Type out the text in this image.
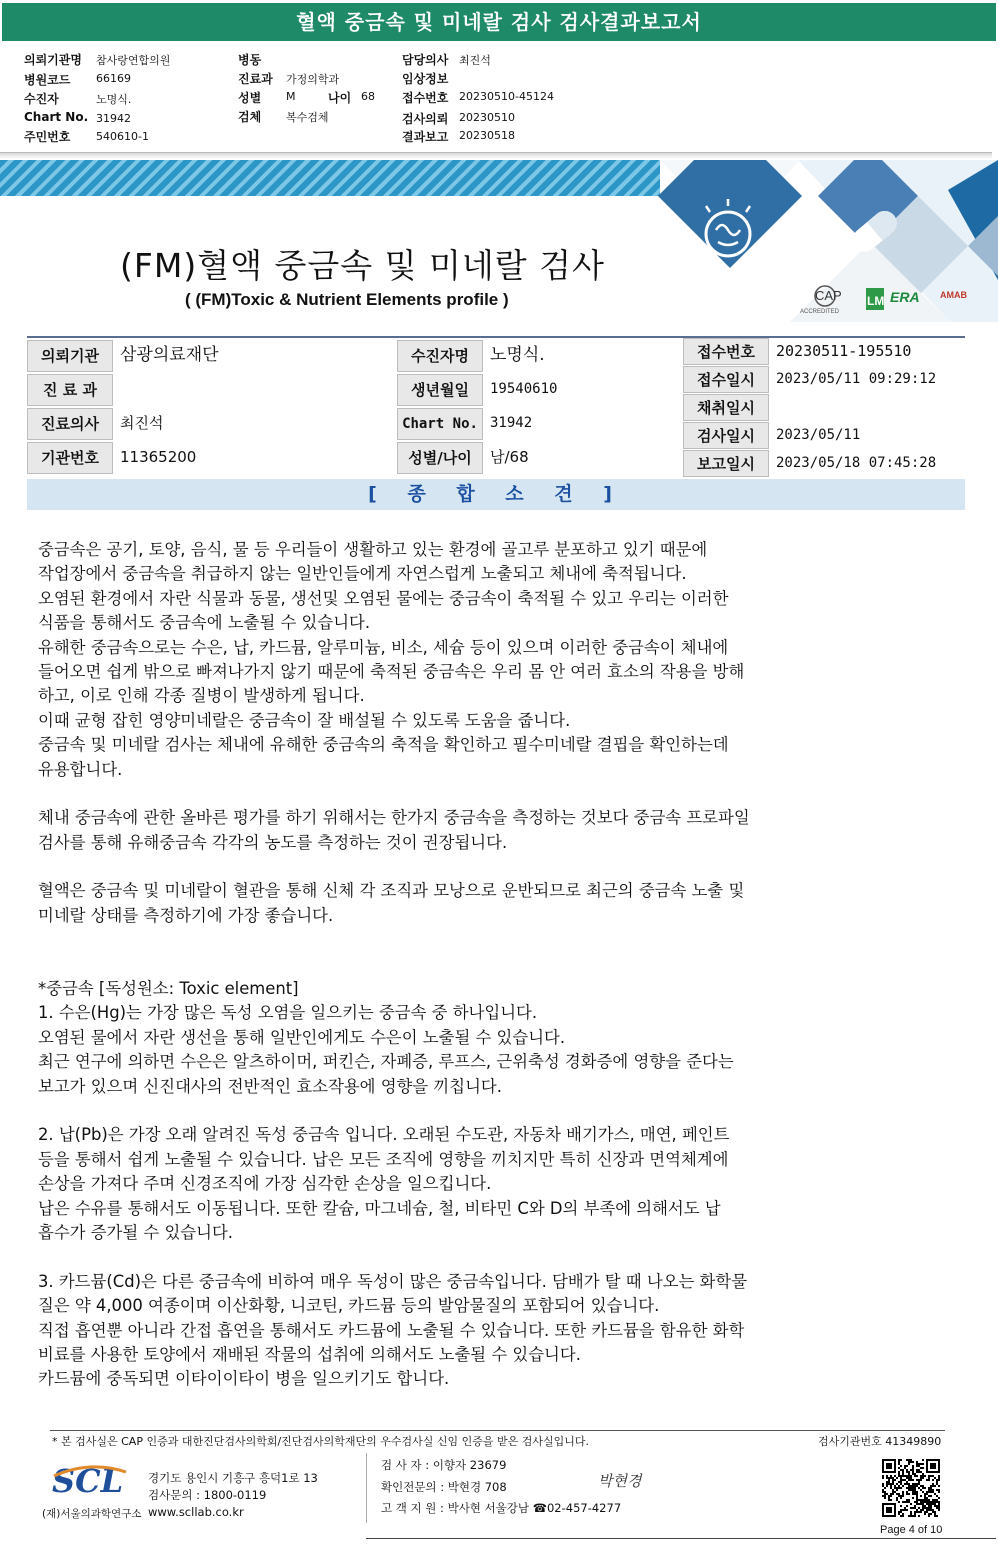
혈액 중금속 및 미네랄 검사 검사결과보고서
의뢰기관명 참사랑연합의원
병원코드 66169
수진자	노명식.
Chart No. 31942
주민번호 540610-1
병동
진료과 가정의학과
성별 M	나이 68
검체 복수검체
담당의사 최진석
임상정보
접수번호 20230510-45124
검사의뢰 20230510
결과보고 20230518
CAP
ACCREDITED
LM ERA AMAB
(FM)혈액 중금속 및 미네랄 검사
( (FM)Toxic & Nutrient Elements profile )
의뢰기관	삼광의료재단
진 료 과
진료의사	최진석
기관번호	11365200
수진자명	노명식.
생년월일	19540610
Chart No. 31942
성별/나이	남/68
접수번호	20230511-195510
접수일시	2023/05/11 09:29:12
채취일시
검사일시	2023/05/11
보고일시	2023/05/18 07:45:28
[ 종 합 소 견 ]
중금속은 공기, 토양, 음식, 물 등 우리들이 생활하고 있는 환경에 골고루 분포하고 있기 때문에
작업장에서 중금속을 취급하지 않는 일반인들에게 자연스럽게 노출되고 체내에 축적됩니다.
오염된 환경에서 자란 식물과 동물, 생선및 오염된 물에는 중금속이 축적될 수 있고 우리는 이러한
식품을 통해서도 중금속에 노출될 수 있습니다.
유해한 중금속으로는 수은, 납, 카드뮴, 알루미늄, 비소, 세슘 등이 있으며 이러한 중금속이 체내에
들어오면 쉽게 밖으로 빠져나가지 않기 때문에 축적된 중금속은 우리 몸 안 여러 효소의 작용을 방해
하고, 이로 인해 각종 질병이 발생하게 됩니다.
이때 균형 잡힌 영양미네랄은 중금속이 잘 배설될 수 있도록 도움을 줍니다.
중금속 및 미네랄 검사는 체내에 유해한 중금속의 축적을 확인하고 필수미네랄 결핍을 확인하는데
유용합니다.
체내 중금속에 관한 올바른 평가를 하기 위해서는 한가지 중금속을 측정하는 것보다 중금속 프로파일
검사를 통해 유해중금속 각각의 농도를 측정하는 것이 권장됩니다.
혈액은 중금속 및 미네랄이 혈관을 통해 신체 각 조직과 모낭으로 운반되므로 최근의 중금속 노출 및
미네랄 상태를 측정하기에 가장 좋습니다.
*중금속 [독성원소: Toxic element]
1. 수은(Hg)는 가장 많은 독성 오염을 일으키는 중금속 중 하나입니다.
오염된 물에서 자란 생선을 통해 일반인에게도 수은이 노출될 수 있습니다.
최근 연구에 의하면 수은은 알츠하이머, 퍼킨슨, 자폐증, 루프스, 근위축성 경화증에 영향을 준다는
보고가 있으며 신진대사의 전반적인 효소작용에 영향을 끼칩니다.
2. 납(Pb)은 가장 오래 알려진 독성 중금속 입니다. 오래된 수도관, 자동차 배기가스, 매연, 페인트
등을 통해서 쉽게 노출될 수 있습니다. 납은 모든 조직에 영향을 끼치지만 특히 신장과 면역체계에
손상을 가져다 주며 신경조직에 가장 심각한 손상을 일으킵니다.
납은 수유를 통해서도 이동됩니다. 또한 칼슘, 마그네슘, 철, 비타민 C와 D의 부족에 의해서도 납
흡수가 증가될 수 있습니다.
3. 카드뮴(Cd)은 다른 중금속에 비하여 매우 독성이 많은 중금속입니다. 담배가 탈 때 나오는 화학물
질은 약 4,000 여종이며 이산화황, 니코틴, 카드뮴 등의 발암물질의 포함되어 있습니다.
직접 흡연뿐 아니라 간접 흡연을 통해서도 카드뮴에 노출될 수 있습니다. 또한 카드뮴을 함유한 화학
비료를 사용한 토양에서 재배된 작물의 섭취에 의해서도 노출될 수 있습니다.
카드뮴에 중독되면 이타이이타이 병을 일으키기도 합니다.
* 본 검사실은 CAP 인증과 대한진단검사의학회/진단검사의학재단의 우수검사실 신임 인증을 받은 검사실입니다.	검사기관번호 41349890
SCL
(재)서울의과학연구소
경기도 용인시 기흥구 흥덕1로 13
검사문의 : 1800-0119
www.scllab.co.kr
검 사 자 : 이향자 23679
확인전문의 : 박현경 708
고 객 지 원 : 박사현 서울강남 ☎02-457-4277
박현경
Page 4 of 10
